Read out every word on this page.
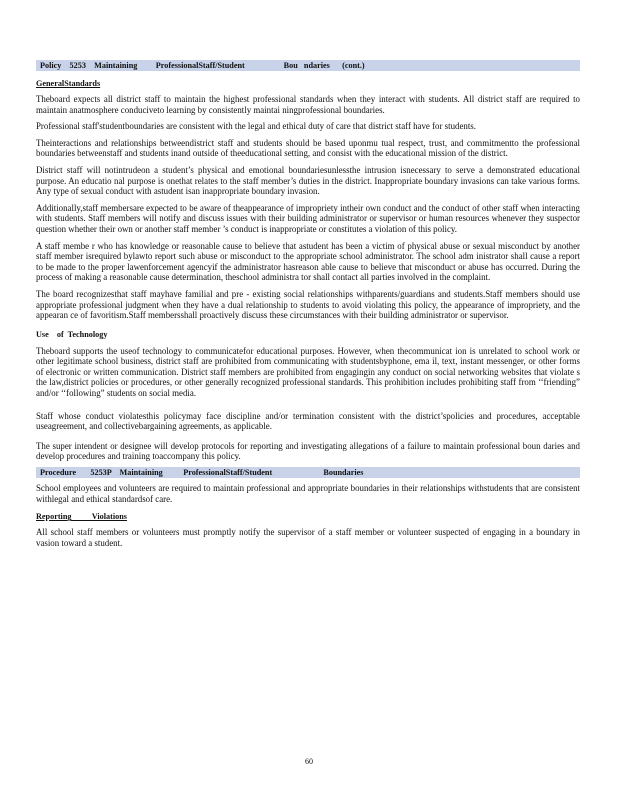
Policy    5253    Maintaining         ProfessionalStaff/Student                   Bou   ndaries      (cont.)
GeneralStandards

Theboard expects all district staff to maintain the highest professional standards when they interact with students. All district staff are required to maintain anatmosphere conduciveto learning by consistently maintai ningprofessional boundaries.

Professional staff'studentboundaries are consistent with the legal and ethical duty of care that district staff have for students.

Theinteractions and relationships betweendistrict staff and students should be based uponmu tual respect, trust, and commitmentto the professional boundaries betweenstaff and students inand outside of theeducational setting, and consist with the educational mission of the district.

District staff will notintrudeon a student’s physical and emotional boundariesunlessthe intrusion isnecessary to serve a demonstrated educational purpose. An educatio nal purpose is onethat relates to the staff member’s duties in the district. Inappropriate boundary invasions can take various forms. Any type of sexual conduct with astudent isan inappropriate boundary invasion.

Additionally,staff membersare expected to be aware of theappearance of impropriety intheir own conduct and the conduct of other staff when interacting with students. Staff members will notify and discuss issues with their building administrator or supervisor or human resources whenever they suspector question whether their own or another staff member ’s conduct is inappropriate or constitutes a violation of this policy.

A staff membe r who has knowledge or reasonable cause to believe that astudent has been a victim of physical abuse or sexual misconduct by another staff member isrequired bylawto report such abuse or misconduct to the appropriate school administrator. The school adm inistrator shall cause a report to be made to the proper lawenforcement agencyif the administrator hasreason able cause to believe that misconduct or abuse has occurred. During the process of making a reasonable cause determination, theschool administra tor shall contact all parties involved in the complaint.

The board recognizesthat staff mayhave familial and pre - existing social relationships withparents/guardians and students.Staff members should use appropriate professional judgment when they have a dual relationship to students to avoid violating this policy, the appearance of impropriety, and the appearan ce of favoritism.Staff membersshall proactively discuss these circumstances with their building administrator or supervisor.

Use    of  Technology

Theboard supports the useof technology to communicatefor educational purposes. However, when thecommunicat ion is unrelated to school work or other legitimate school business, district staff are prohibited from communicating with studentsbyphone, ema il, text, instant messenger, or other forms of electronic or written communication. District staff members are prohibited from engagingin any conduct on social networking websites that violate s the law,district policies or procedures, or other generally recognized professional standards. This prohibition includes prohibiting staff from ‘‘friending” and/or ‘‘following” students on social media.

Staff whose conduct violatesthis policymay face discipline and/or termination consistent with the district’spolicies and procedures, acceptable useagreement, and collectivebargaining agreements, as applicable.

The super intendent or designee will develop protocols for reporting and investigating allegations of a failure to maintain professional boun daries and develop procedures and training toaccompany this policy.

Procedure       5253P    Maintaining          ProfessionalStaff/Student                         Boundaries

School employees and volunteers are required to maintain professional and appropriate boundaries in their relationships withstudents that are consistent withlegal and ethical standardsof care.

Reporting          Violations

All school staff members or volunteers must promptly notify the supervisor of a staff member or volunteer suspected of engaging in a boundary in vasion toward a student.

60
